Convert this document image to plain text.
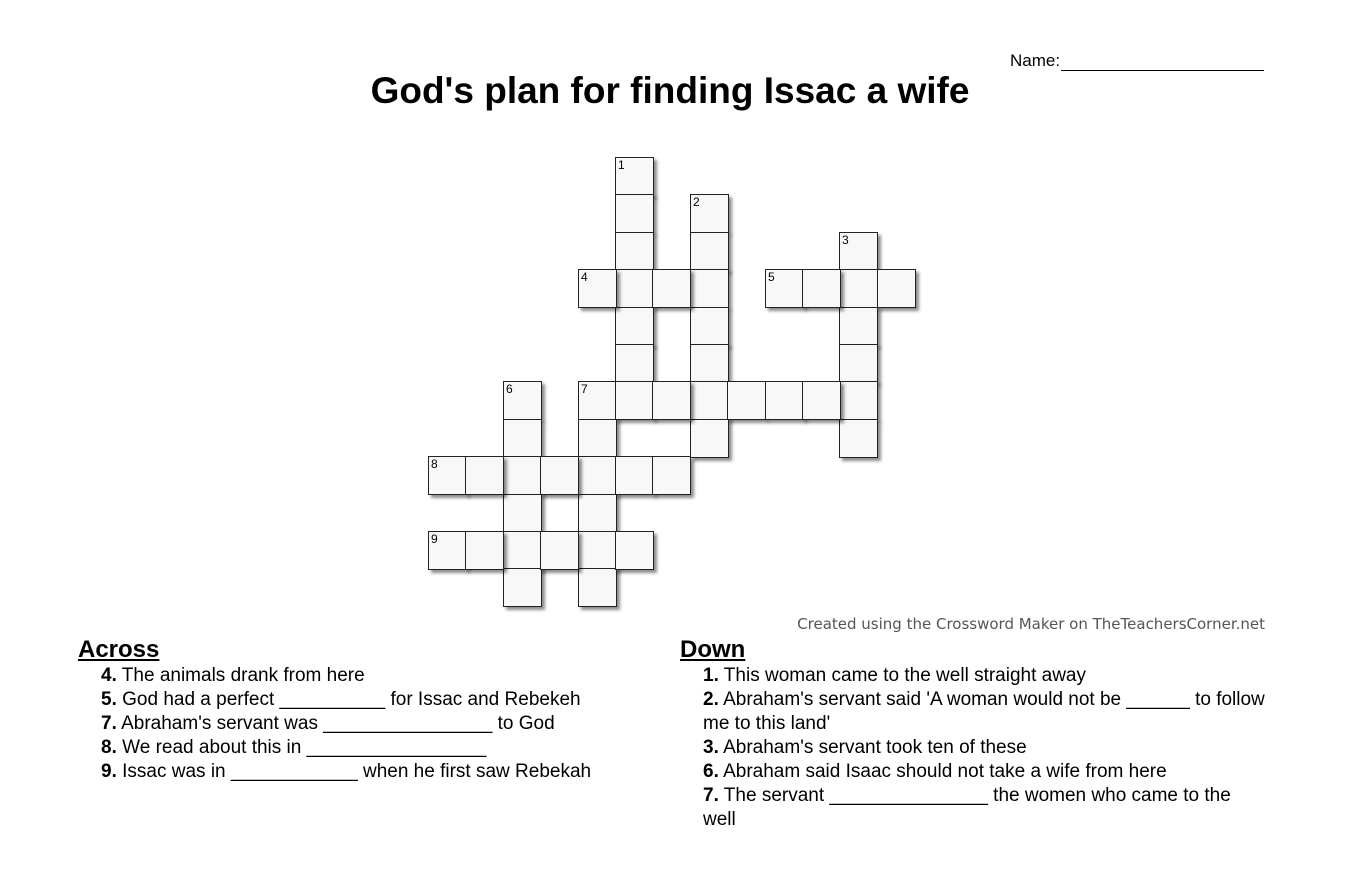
Name:
God's plan for finding Issac a wife
1
2
3
4	5
6	7
8
9
Created using the Crossword Maker on TheTeachersCorner.net
Across
4. The animals drank from here
5. God had a perfect __________ for Issac and Rebekeh
7. Abraham's servant was ________________ to God
8. We read about this in _________________
9. Issac was in ____________ when he first saw Rebekah
Down
1. This woman came to the well straight away
2. Abraham's servant said 'A woman would not be ______ to follow me to this land'
3. Abraham's servant took ten of these
6. Abraham said Isaac should not take a wife from here
7. The servant _______________ the women who came to the well
